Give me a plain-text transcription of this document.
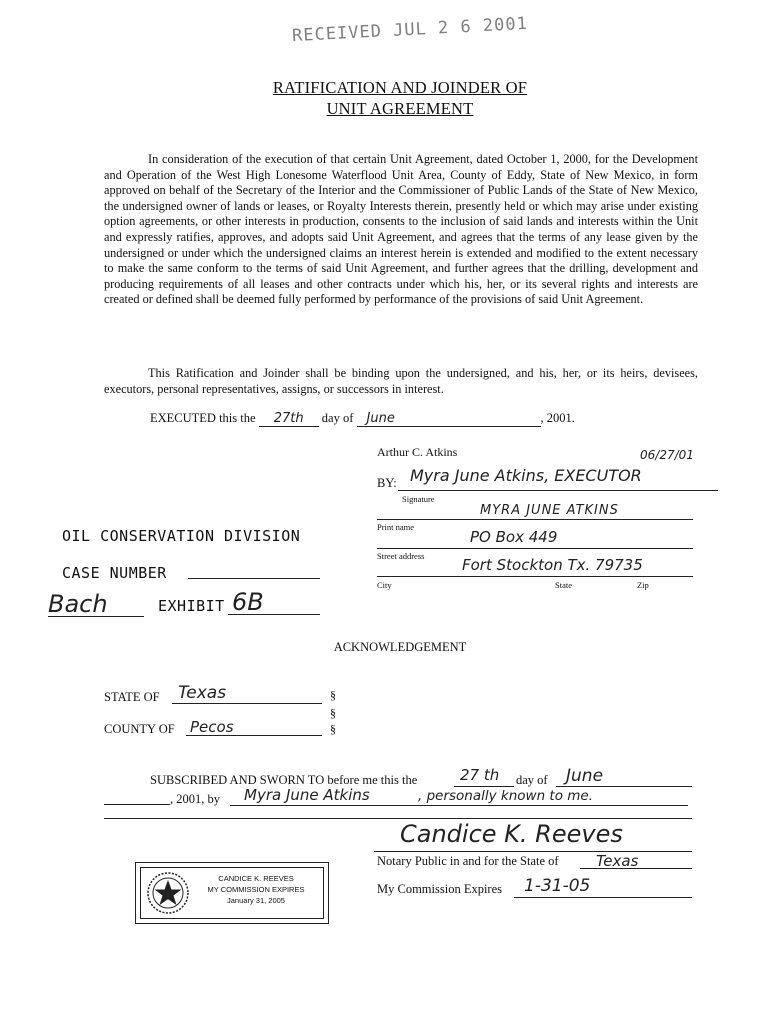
RECEIVED JUL 2 6 2001
RATIFICATION AND JOINDER OF
UNIT AGREEMENT

In consideration of the execution of that certain Unit Agreement, dated October 1, 2000, for the Development and Operation of the West High Lonesome Waterflood Unit Area, County of Eddy, State of New Mexico, in form approved on behalf of the Secretary of the Interior and the Commissioner of Public Lands of the State of New Mexico, the undersigned owner of lands or leases, or Royalty Interests therein, presently held or which may arise under existing option agreements, or other interests in production, consents to the inclusion of said lands and interests within the Unit and expressly ratifies, approves, and adopts said Unit Agreement, and agrees that the terms of any lease given by the undersigned or under which the undersigned claims an interest herein is extended and modified to the extent necessary to make the same conform to the terms of said Unit Agreement, and further agrees that the drilling, development and producing requirements of all leases and other contracts under which his, her, or its several rights and interests are created or defined shall be deemed fully performed by performance of the provisions of said Unit Agreement.

This Ratification and Joinder shall be binding upon the undersigned, and his, her, or its heirs, devisees, executors, personal representatives, assigns, or successors in interest.

EXECUTED this the 27th day of June	, 2001.
Arthur C. Atkins	06/27/01
BY: Myra June Atkins, EXECUTOR
Signature
MYRA JUNE ATKINS
Print name
PO Box 449
Street address	Fort Stockton Tx. 79735
City	State	Zip
OIL CONSERVATION DIVISION
CASE NUMBER
Bach	EXHIBIT 6B
ACKNOWLEDGEMENT
STATE OF Texas	§
§
COUNTY OF Pecos	§
SUBSCRIBED AND SWORN TO before me this the	27 th day of June
, 2001, by Myra June Atkins	, personally known to me.
Candice K. Reeves
Notary Public in and for the State of Texas
My Commission Expires 1-31-05
CANDICE K. REEVES
MY COMMISSION EXPIRES
January 31, 2005
